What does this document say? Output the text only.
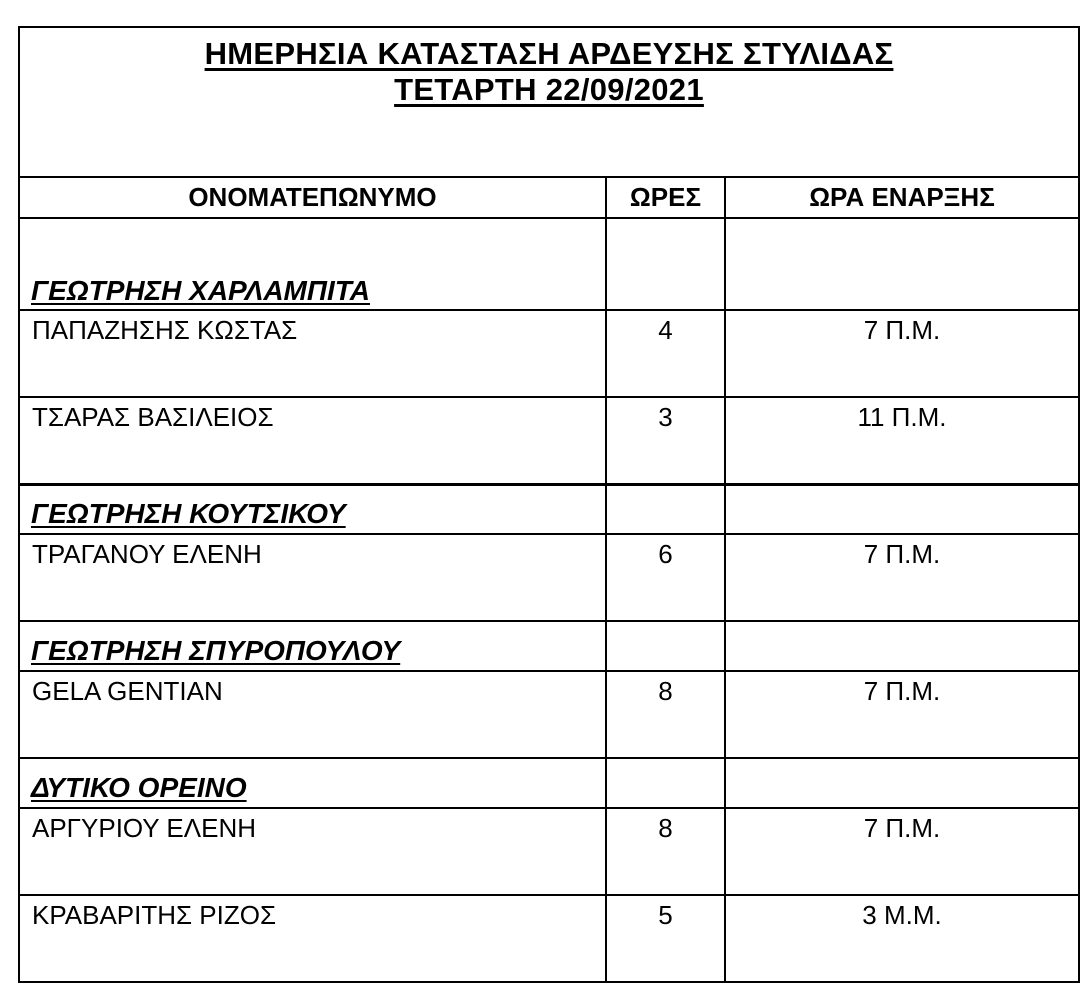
ΗΜΕΡΗΣΙΑ ΚΑΤΑΣΤΑΣΗ ΑΡΔΕΥΣΗΣ ΣΤΥΛΙΔΑΣ
ΤΕΤΑΡΤΗ 22/09/2021		
ΟΝΟΜΑΤΕΠΩΝΥΜΟ	ΩΡΕΣ	ΩΡΑ ΕΝΑΡΞΗΣ

ΓΕΩΤΡΗΣΗ ΧΑΡΛΑΜΠΙΤΑ		

ΠΑΠΑΖΗΣΗΣ ΚΩΣΤΑΣ	4	7 Π.Μ.
ΤΣΑΡΑΣ ΒΑΣΙΛΕΙΟΣ	3	11 Π.Μ.

ΓΕΩΤΡΗΣΗ ΚΟΥΤΣΙΚΟΥ		

ΤΡΑΓΑΝΟΥ ΕΛΕΝΗ	6	7 Π.Μ.

ΓΕΩΤΡΗΣΗ ΣΠΥΡΟΠΟΥΛΟΥ		

GELA GENTIAN	8	7 Π.Μ.

ΔΥΤΙΚΟ ΟΡΕΙΝΟ		

ΑΡΓΥΡΙΟΥ ΕΛΕΝΗ	8	7 Π.Μ.
ΚΡΑΒΑΡΙΤΗΣ ΡΙΖΟΣ	5	3 Μ.Μ.
